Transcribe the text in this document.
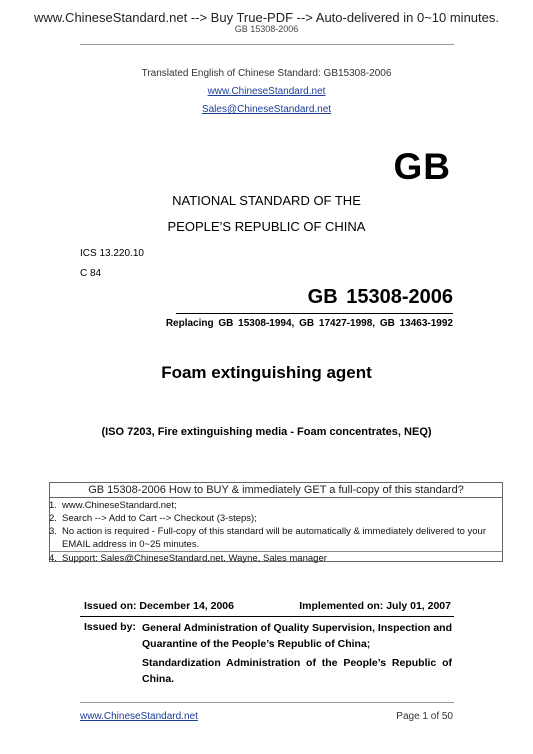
www.ChineseStandard.net --> Buy True-PDF --> Auto-delivered in 0~10 minutes.
GB 15308-2006
Translated English of Chinese Standard: GB15308-2006
www.ChineseStandard.net
Sales@ChineseStandard.net
GB
NATIONAL STANDARD OF THE
PEOPLE’S REPUBLIC OF CHINA
ICS 13.220.10
C 84
GB 15308-2006
Replacing GB 15308-1994, GB 17427-1998, GB 13463-1992
Foam extinguishing agent
(ISO 7203, Fire extinguishing media - Foam concentrates, NEQ)
GB 15308-2006 How to BUY & immediately GET a full-copy of this standard?
1. www.ChineseStandard.net;
2. Search --> Add to Cart --> Checkout (3-steps);
3. No action is required - Full-copy of this standard will be automatically & immediately delivered to your EMAIL address in 0~25 minutes.
4. Support: Sales@ChineseStandard.net. Wayne, Sales manager
Issued on: December 14, 2006	Implemented on: July 01, 2007
Issued by: General Administration of Quality Supervision, Inspection and Quarantine of the People’s Republic of China;
Standardization Administration of the People’s Republic of China.
www.ChineseStandard.net	Page 1 of 50
